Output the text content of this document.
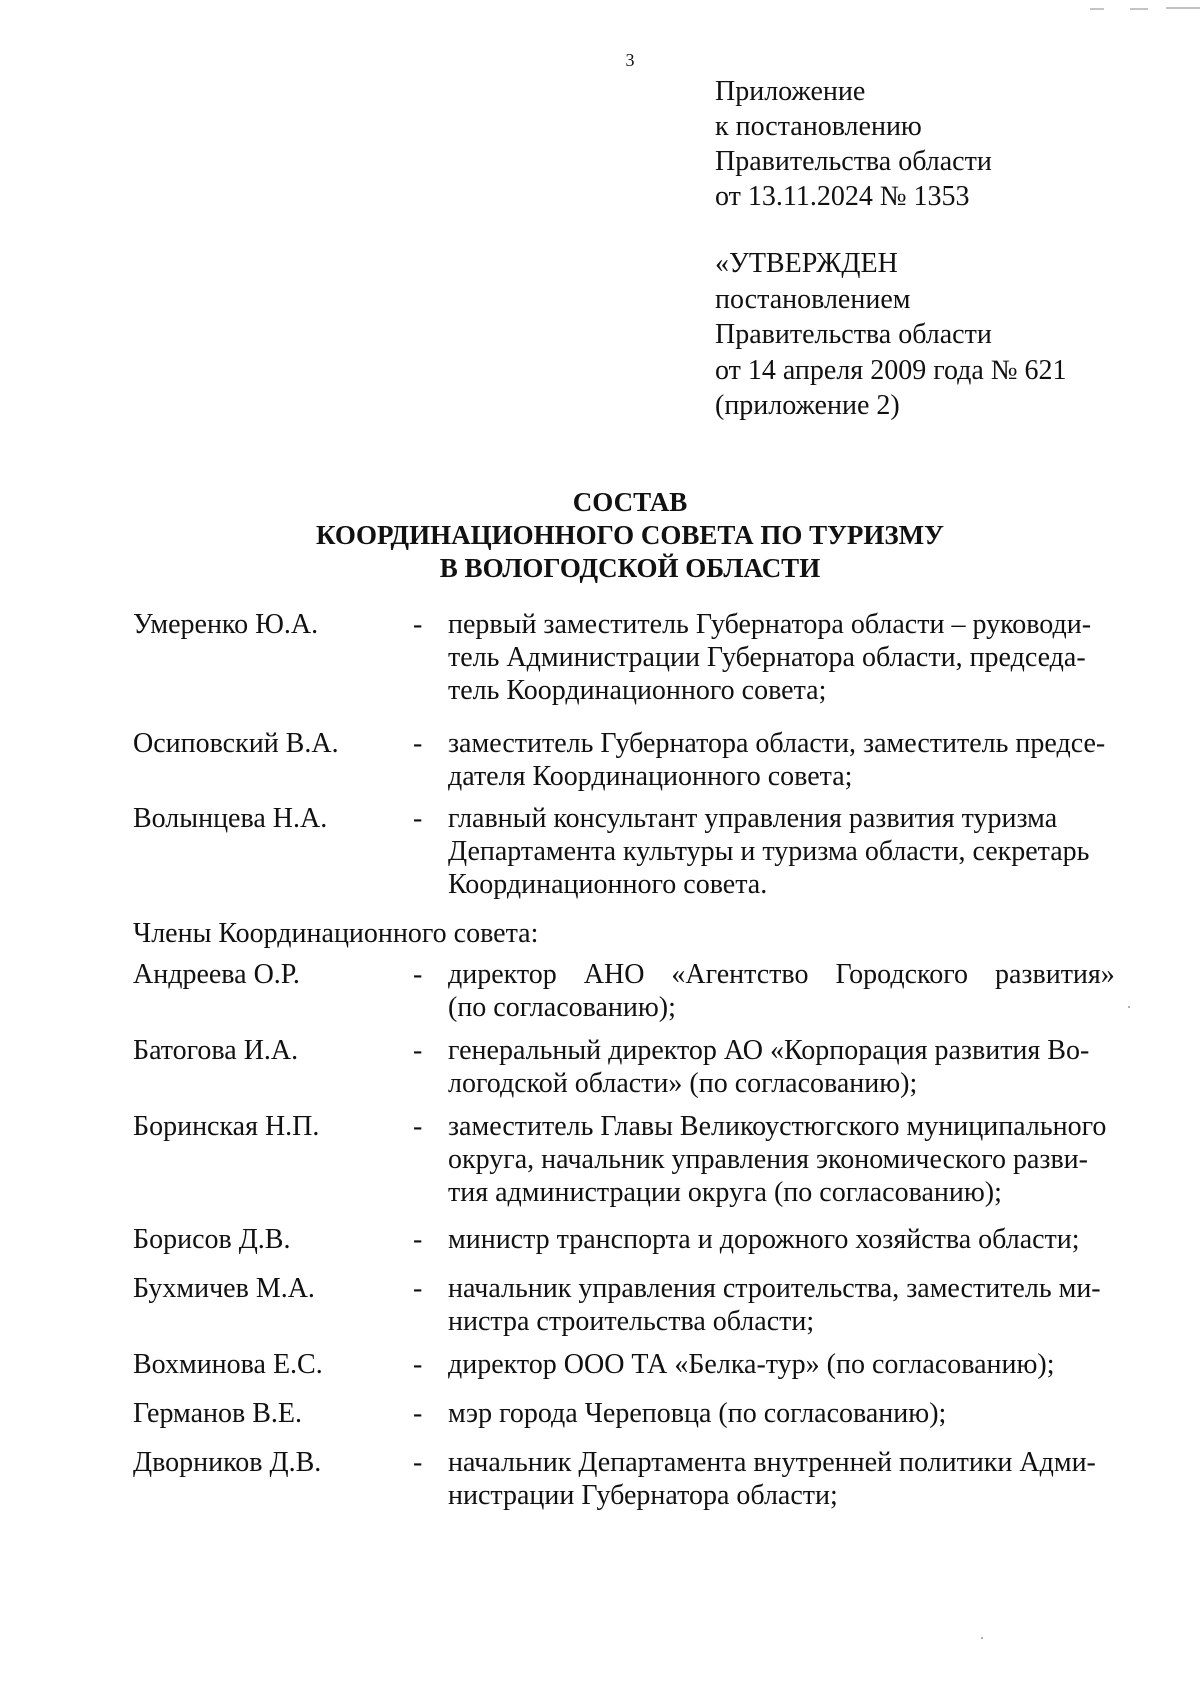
3
Приложение
к постановлению
Правительства области
от 13.11.2024 № 1353
«УТВЕРЖДЕН
постановлением
Правительства области
от 14 апреля 2009 года № 621
(приложение 2)
СОСТАВ
КООРДИНАЦИОННОГО СОВЕТА ПО ТУРИЗМУ
В ВОЛОГОДСКОЙ ОБЛАСТИ
Умеренко Ю.А.	- первый заместитель Губернатора области – руководи-
тель Администрации Губернатора области, председа-
тель Координационного совета;
Осиповский В.А.	- заместитель Губернатора области, заместитель предсе-
дателя Координационного совета;
Волынцева Н.А.	- главный консультант управления развития туризма
Департамента культуры и туризма области, секретарь
Координационного совета.
Члены Координационного совета:
Андреева О.Р.	- директор АНО «Агентство Городского развития»
(по согласованию);
Батогова И.А.	- генеральный директор АО «Корпорация развития Во-
логодской области» (по согласованию);
Боринская Н.П.	- заместитель Главы Великоустюгского муниципального
округа, начальник управления экономического разви-
тия администрации округа (по согласованию);
Борисов Д.В.	- министр транспорта и дорожного хозяйства области;
Бухмичев М.А.	- начальник управления строительства, заместитель ми-
нистра строительства области;
Вохминова Е.С.	- директор ООО ТА «Белка-тур» (по согласованию);
Германов В.Е.	- мэр города Череповца (по согласованию);
Дворников Д.В.	- начальник Департамента внутренней политики Адми-
нистрации Губернатора области;
